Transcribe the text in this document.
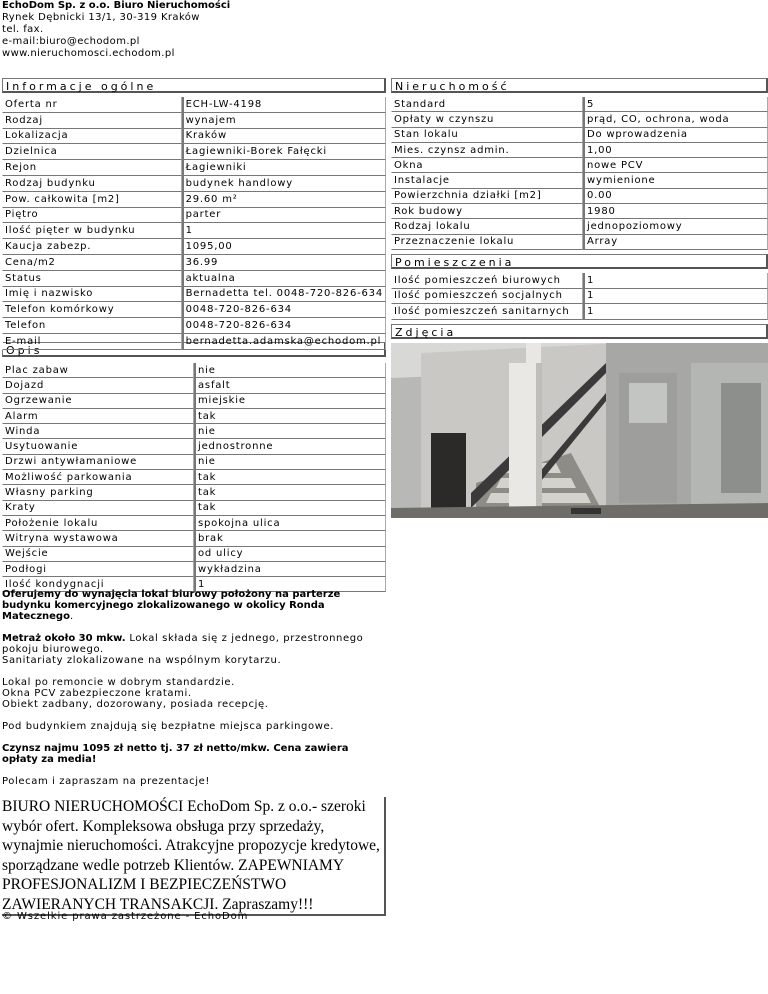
EchoDom Sp. z o.o. Biuro Nieruchomości
Rynek Dębnicki 13/1, 30-319 Kraków
tel. fax.
e-mail:biuro@echodom.pl
www.nieruchomosci.echodom.pl
Informacje ogólne	Nieruchomość
Pomieszczenia
Zdjęcia
Opis
Oferta nr	ECH-LW-4198
Rodzaj	wynajem
Lokalizacja	Kraków
Dzielnica	Łagiewniki-Borek Fałęcki
Rejon	Łagiewniki
Rodzaj budynku	budynek handlowy
Pow. całkowita [m2]	29.60 m²
Piętro	parter
Ilość pięter w budynku	1
Kaucja zabezp.	1095,00
Cena/m2	36.99
Status	aktualna
Imię i nazwisko	Bernadetta tel. 0048-720-826-634
Telefon komórkowy	0048-720-826-634
Telefon	0048-720-826-634
E-mail	bernadetta.adamska@echodom.pl
Standard	5
Opłaty w czynszu	prąd, CO, ochrona, woda
Stan lokalu	Do wprowadzenia
Mies. czynsz admin.	1,00
Okna	nowe PCV
Instalacje	wymienione
Powierzchnia działki [m2]	0.00
Rok budowy	1980
Rodzaj lokalu	jednopoziomowy
Przeznaczenie lokalu	Array
Ilość pomieszczeń biurowych	1
Ilość pomieszczeń socjalnych	1
Ilość pomieszczeń sanitarnych	1
Plac zabaw	nie
Dojazd	asfalt
Ogrzewanie	miejskie
Alarm	tak
Winda	nie
Usytuowanie	jednostronne
Drzwi antywłamaniowe	nie
Możliwość parkowania	tak
Własny parking	tak
Kraty	tak
Położenie lokalu	spokojna ulica
Witryna wystawowa	brak
Wejście	od ulicy
Podłogi	wykładzina
Ilość kondygnacji	1

Oferujemy do wynajęcia lokal biurowy położony na parterze budynku komercyjnego zlokalizowanego w okolicy Ronda Matecznego.

Metraż około 30 mkw. Lokal składa się z jednego, przestronnego pokoju biurowego.
Sanitariaty zlokalizowane na wspólnym korytarzu.

Lokal po remoncie w dobrym standardzie.
Okna PCV zabezpieczone kratami.
Obiekt zadbany, dozorowany, posiada recepcję.

Pod budynkiem znajdują się bezpłatne miejsca parkingowe.

Czynsz najmu 1095 zł netto tj. 37 zł netto/mkw. Cena zawiera opłaty za media!

Polecam i zapraszam na prezentacje!

BIURO NIERUCHOMOŚCI EchoDom Sp. z o.o.- szeroki wybór ofert. Kompleksowa obsługa przy sprzedaży, wynajmie nieruchomości. Atrakcyjne propozycje kredytowe, sporządzane wedle potrzeb Klientów. ZAPEWNIAMY PROFESJONALIZM I BEZPIECZEŃSTWO ZAWIERANYCH TRANSAKCJI. Zapraszamy!!!
© Wszelkie prawa zastrzeżone - EchoDom
